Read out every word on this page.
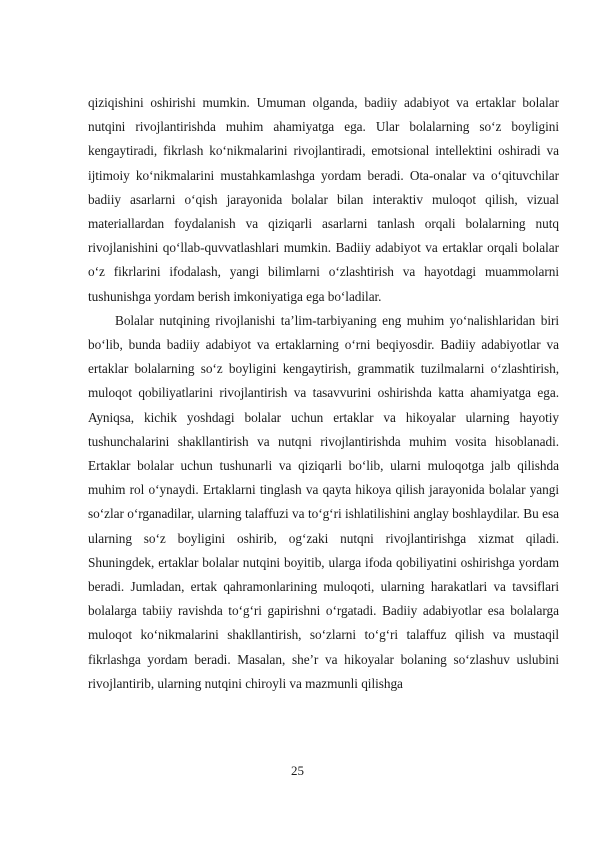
qiziqishini oshirishi mumkin. Umuman olganda, badiiy adabiyot va ertaklar bolalar nutqini rivojlantirishda muhim ahamiyatga ega. Ular bolalarning so‘z boyligini kengaytiradi, fikrlash ko‘nikmalarini rivojlantiradi, emotsional intellektini oshiradi va ijtimoiy ko‘nikmalarini mustahkamlashga yordam beradi. Ota-onalar va o‘qituvchilar badiiy asarlarni o‘qish jarayonida bolalar bilan interaktiv muloqot qilish, vizual materiallardan foydalanish va qiziqarli asarlarni tanlash orqali bolalarning nutq rivojlanishini qo‘llab-quvvatlashlari mumkin. Badiiy adabiyot va ertaklar orqali bolalar o‘z fikrlarini ifodalash, yangi bilimlarni o‘zlashtirish va hayotdagi muammolarni tushunishga yordam berish imkoniyatiga ega bo‘ladilar.

Bolalar nutqining rivojlanishi ta’lim-tarbiyaning eng muhim yo‘nalishlaridan biri bo‘lib, bunda badiiy adabiyot va ertaklarning o‘rni beqiyosdir. Badiiy adabiyotlar va ertaklar bolalarning so‘z boyligini kengaytirish, grammatik tuzilmalarni o‘zlashtirish, muloqot qobiliyatlarini rivojlantirish va tasavvurini oshirishda katta ahamiyatga ega. Ayniqsa, kichik yoshdagi bolalar uchun ertaklar va hikoyalar ularning hayotiy tushunchalarini shakllantirish va nutqni rivojlantirishda muhim vosita hisoblanadi. Ertaklar bolalar uchun tushunarli va qiziqarli bo‘lib, ularni muloqotga jalb qilishda muhim rol o‘ynaydi. Ertaklarni tinglash va qayta hikoya qilish jarayonida bolalar yangi so‘zlar o‘rganadilar, ularning talaffuzi va to‘g‘ri ishlatilishini anglay boshlaydilar. Bu esa ularning so‘z boyligini oshirib, og‘zaki nutqni rivojlantirishga xizmat qiladi. Shuningdek, ertaklar bolalar nutqini boyitib, ularga ifoda qobiliyatini oshirishga yordam beradi. Jumladan, ertak qahramonlarining muloqoti, ularning harakatlari va tavsiflari bolalarga tabiiy ravishda to‘g‘ri gapirishni o‘rgatadi. Badiiy adabiyotlar esa bolalarga muloqot ko‘nikmalarini shakllantirish, so‘zlarni to‘g‘ri talaffuz qilish va mustaqil fikrlashga yordam beradi. Masalan, she’r va hikoyalar bolaning so‘zlashuv uslubini rivojlantirib, ularning nutqini chiroyli va mazmunli qilishga

25
